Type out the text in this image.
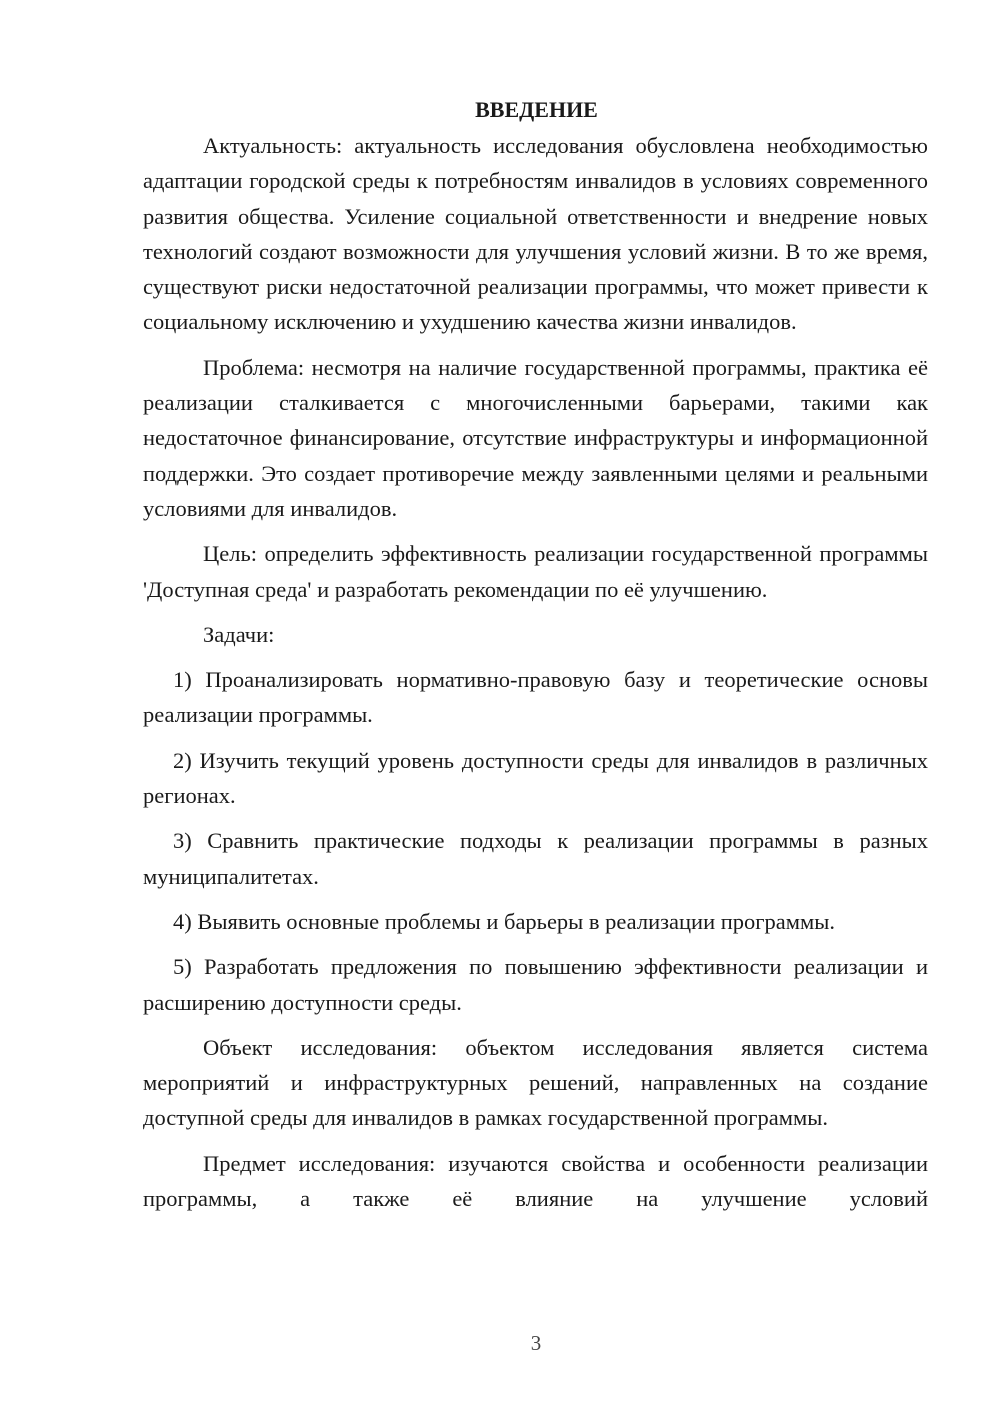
ВВЕДЕНИЕ

Актуальность: актуальность исследования обусловлена необходимостью адаптации городской среды к потребностям инвалидов в условиях современного развития общества. Усиление социальной ответственности и внедрение новых технологий создают возможности для улучшения условий жизни. В то же время, существуют риски недостаточной реализации программы, что может привести к социальному исключению и ухудшению качества жизни инвалидов.

Проблема: несмотря на наличие государственной программы, практика её реализации сталкивается с многочисленными барьерами, такими как недостаточное финансирование, отсутствие инфраструктуры и информационной поддержки. Это создает противоречие между заявленными целями и реальными условиями для инвалидов.

Цель: определить эффективность реализации государственной программы 'Доступная среда' и разработать рекомендации по её улучшению.

Задачи:

1) Проанализировать нормативно-правовую базу и теоретические основы реализации программы.

2) Изучить текущий уровень доступности среды для инвалидов в различных регионах.

3) Сравнить практические подходы к реализации программы в разных муниципалитетах.

4) Выявить основные проблемы и барьеры в реализации программы.

5) Разработать предложения по повышению эффективности реализации и расширению доступности среды.

Объект исследования: объектом исследования является система мероприятий и инфраструктурных решений, направленных на создание доступной среды для инвалидов в рамках государственной программы.

Предмет исследования: изучаются свойства и особенности реализации программы, а также её влияние на улучшение условий

3
